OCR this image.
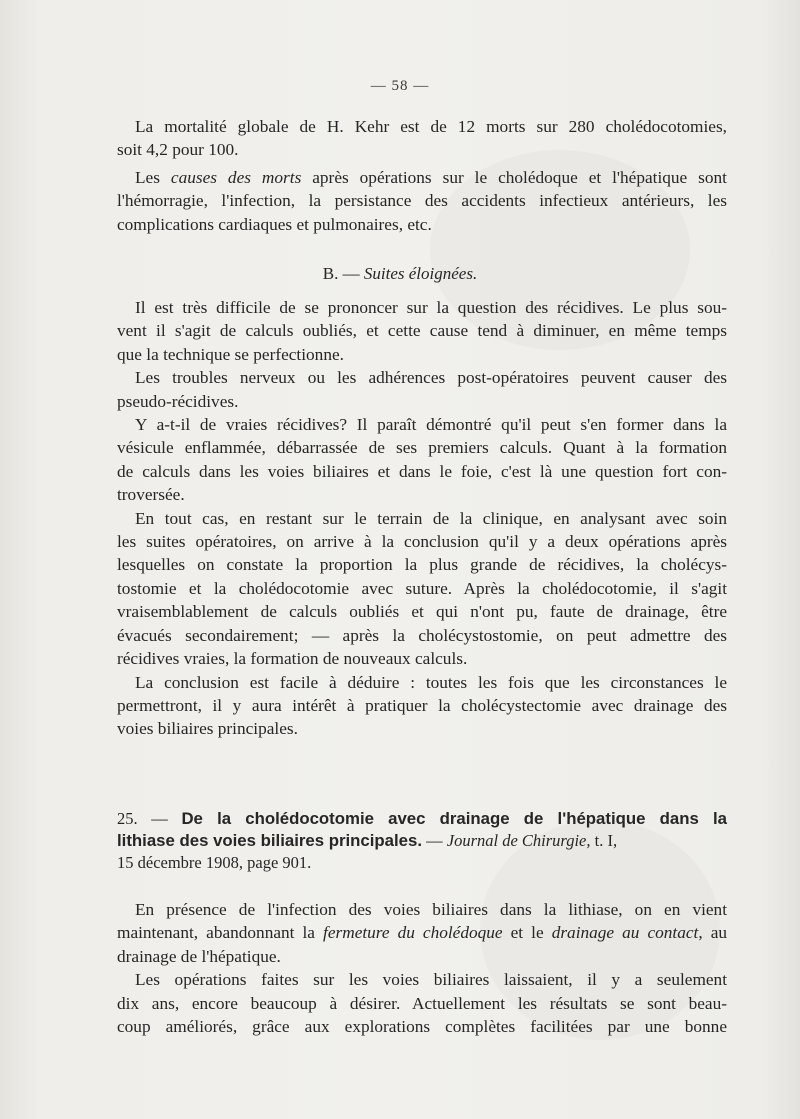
— 58 —
La mortalité globale de H. Kehr est de 12 morts sur 280 cholédocotomies,
soit 4,2 pour 100.
Les causes des morts après opérations sur le cholédoque et l'hépatique sont
l'hémorragie, l'infection, la persistance des accidents infectieux antérieurs, les
complications cardiaques et pulmonaires, etc.
B. — Suites éloignées.
Il est très difficile de se prononcer sur la question des récidives. Le plus sou-
vent il s'agit de calculs oubliés, et cette cause tend à diminuer, en même temps
que la technique se perfectionne.
Les troubles nerveux ou les adhérences post-opératoires peuvent causer des
pseudo-récidives.
Y a-t-il de vraies récidives? Il paraît démontré qu'il peut s'en former dans la
vésicule enflammée, débarrassée de ses premiers calculs. Quant à la formation
de calculs dans les voies biliaires et dans le foie, c'est là une question fort con-
troversée.
En tout cas, en restant sur le terrain de la clinique, en analysant avec soin
les suites opératoires, on arrive à la conclusion qu'il y a deux opérations après
lesquelles on constate la proportion la plus grande de récidives, la cholécys-
tostomie et la cholédocotomie avec suture. Après la cholédocotomie, il s'agit
vraisemblablement de calculs oubliés et qui n'ont pu, faute de drainage, être
évacués secondairement; — après la cholécystostomie, on peut admettre des
récidives vraies, la formation de nouveaux calculs.
La conclusion est facile à déduire : toutes les fois que les circonstances le
permettront, il y aura intérêt à pratiquer la cholécystectomie avec drainage des
voies biliaires principales.
25. — De la cholédocotomie avec drainage de l'hépatique dans la
lithiase des voies biliaires principales. — Journal de Chirurgie, t. I,
15 décembre 1908, page 901.
En présence de l'infection des voies biliaires dans la lithiase, on en vient
maintenant, abandonnant la fermeture du cholédoque et le drainage au contact, au
drainage de l'hépatique.
Les opérations faites sur les voies biliaires laissaient, il y a seulement
dix ans, encore beaucoup à désirer. Actuellement les résultats se sont beau-
coup améliorés, grâce aux explorations complètes facilitées par une bonne
